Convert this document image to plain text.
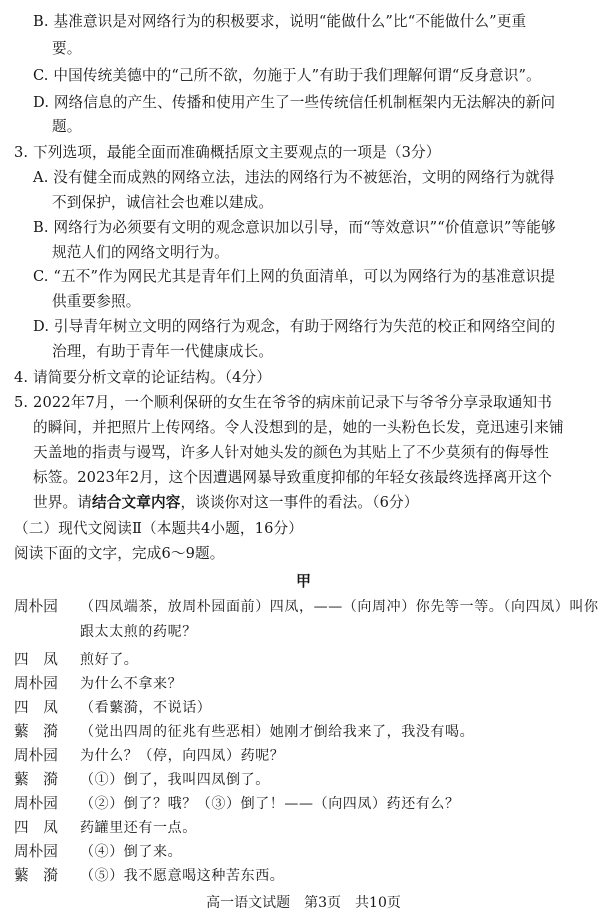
B. 基准意识是对网络行为的积极要求，说明“能做什么”比“不能做什么”更重
要。
C. 中国传统美德中的“己所不欲，勿施于人”有助于我们理解何谓“反身意识”。
D. 网络信息的产生、传播和使用产生了一些传统信任机制框架内无法解决的新问
题。
3. 下列选项，最能全面而准确概括原文主要观点的一项是（3分）
A. 没有健全而成熟的网络立法，违法的网络行为不被惩治，文明的网络行为就得
不到保护，诚信社会也难以建成。
B. 网络行为必须要有文明的观念意识加以引导，而“等效意识”“价值意识”等能够
规范人们的网络文明行为。
C. “五不”作为网民尤其是青年们上网的负面清单，可以为网络行为的基准意识提
供重要参照。
D. 引导青年树立文明的网络行为观念，有助于网络行为失范的校正和网络空间的
治理，有助于青年一代健康成长。
4. 请简要分析文章的论证结构。（4分）
5. 2022年7月，一个顺利保研的女生在爷爷的病床前记录下与爷爷分享录取通知书
的瞬间，并把照片上传网络。令人没想到的是，她的一头粉色长发，竟迅速引来铺
天盖地的指责与谩骂，许多人针对她头发的颜色为其贴上了不少莫须有的侮辱性
标签。2023年2月，这个因遭遇网暴导致重度抑郁的年轻女孩最终选择离开这个
世界。请结合文章内容，谈谈你对这一事件的看法。（6分）
（二）现代文阅读Ⅱ（本题共4小题，16分）
阅读下面的文字，完成6～9题。
甲
周朴园 （四凤端茶，放周朴园面前）四凤，——（向周冲）你先等一等。（向四凤）叫你
跟太太煎的药呢？
四　凤 煎好了。
周朴园 为什么不拿来？
四　凤 （看蘩漪，不说话）
蘩　漪 （觉出四周的征兆有些恶相）她刚才倒给我来了，我没有喝。
周朴园 为什么？（停，向四凤）药呢？
蘩　漪 （①）倒了，我叫四凤倒了。
周朴园 （②）倒了？哦？（③）倒了！——（向四凤）药还有么？
四　凤 药罐里还有一点。
周朴园 （④）倒了来。
蘩　漪 （⑤）我不愿意喝这种苦东西。
高一语文试题　第3页　共10页
